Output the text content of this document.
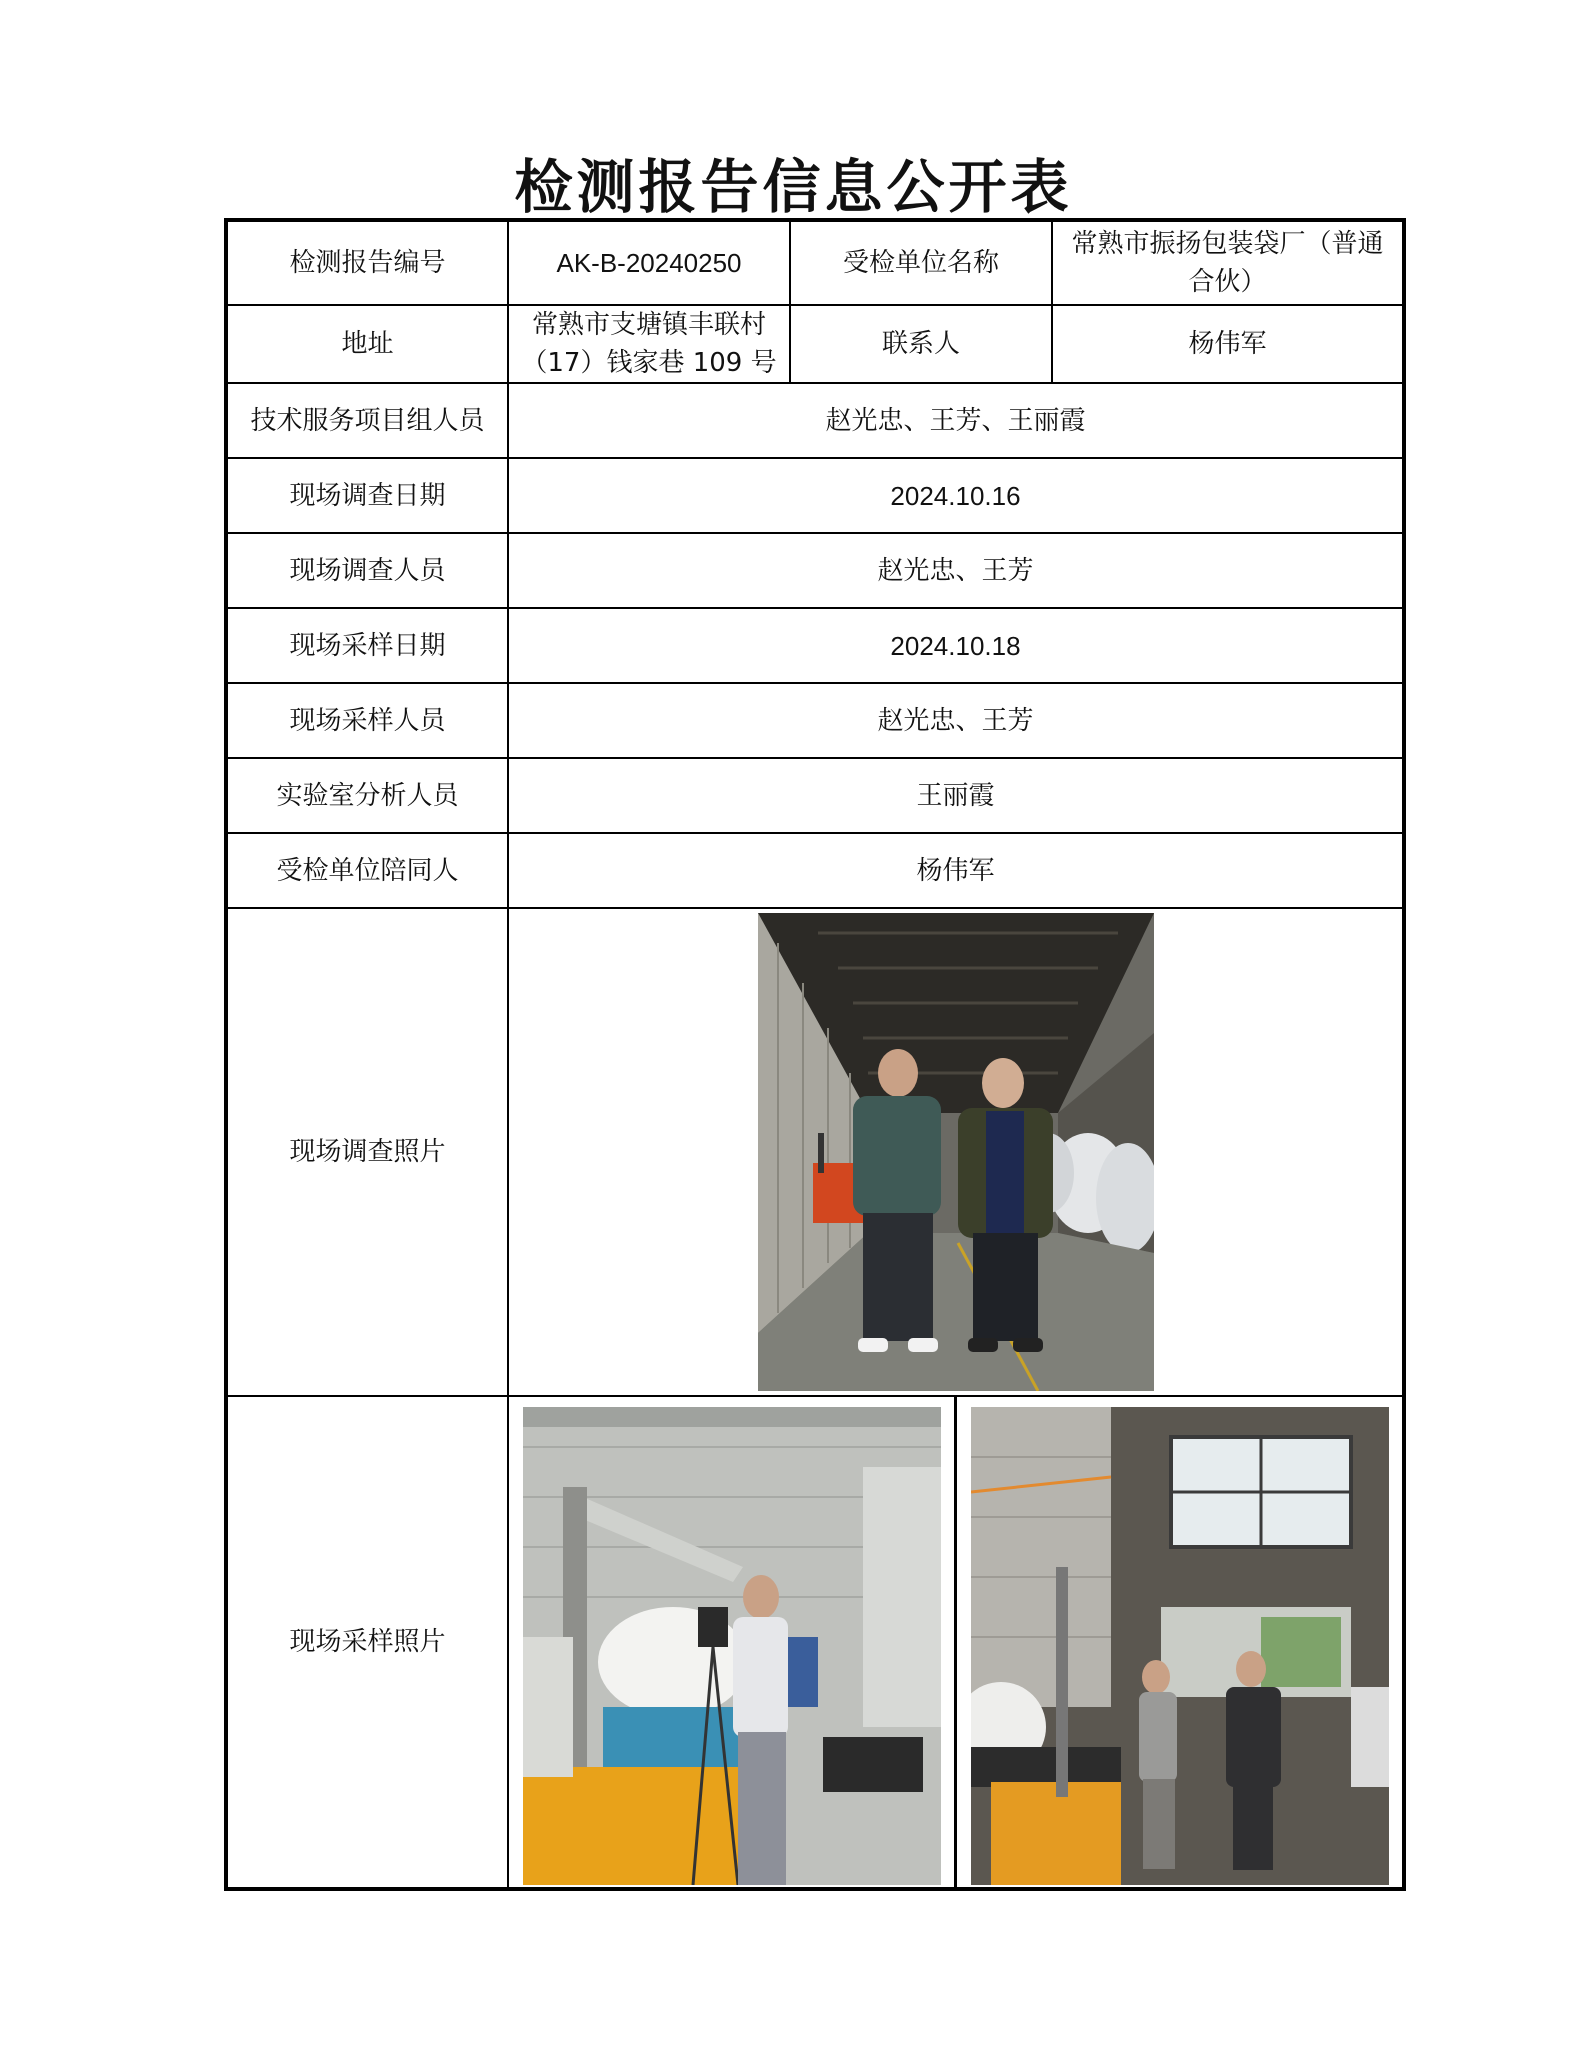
检测报告信息公开表
检测报告编号	AK-B-20240250	受检单位名称	常熟市振扬包装袋厂（普通合伙）
地址	常熟市支塘镇丰联村（17）钱家巷 109 号	联系人	杨伟军
技术服务项目组人员	赵光忠、王芳、王丽霞		
现场调查日期	2024.10.16		
现场调查人员	赵光忠、王芳		
现场采样日期	2024.10.18		
现场采样人员	赵光忠、王芳		
实验室分析人员	王丽霞		
受检单位陪同人	杨伟军		
现场调查照片	

现场采样照片	
